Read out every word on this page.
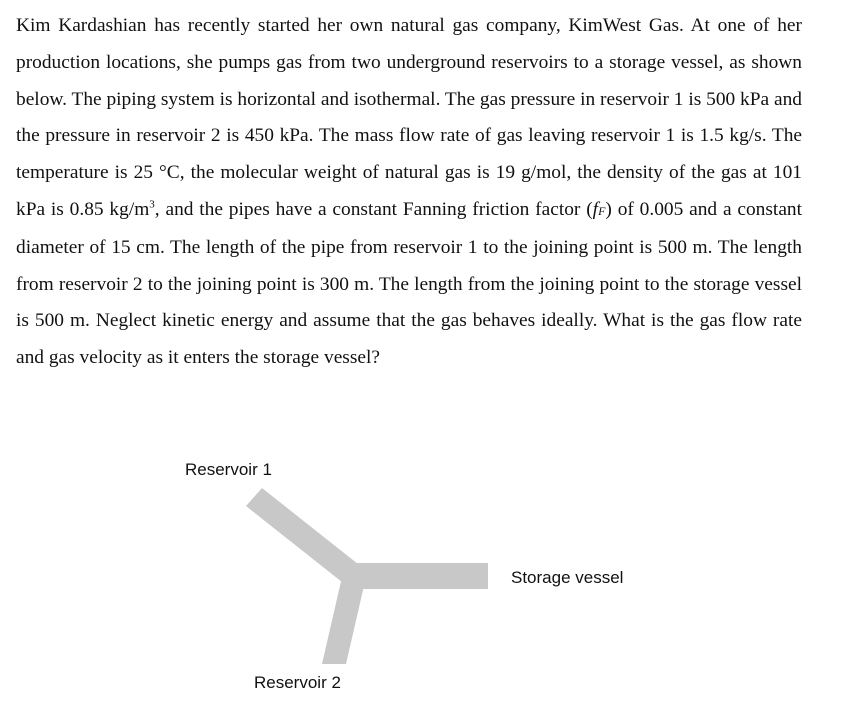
Kim Kardashian has recently started her own natural gas company, KimWest Gas. At one of her production locations, she pumps gas from two underground reservoirs to a storage vessel, as shown below. The piping system is horizontal and isothermal. The gas pressure in reservoir 1 is 500 kPa and the pressure in reservoir 2 is 450 kPa. The mass flow rate of gas leaving reservoir 1 is 1.5 kg/s. The temperature is 25 °C, the molecular weight of natural gas is 19 g/mol, the density of the gas at 101 kPa is 0.85 $kg/m^3$, and the pipes have a constant Fanning friction factor (fF) of 0.005 and a constant diameter of 15 cm. The length of the pipe from reservoir 1 to the joining point is 500 m. The length from reservoir 2 to the joining point is 300 m. The length from the joining point to the storage vessel is 500 m. Neglect kinetic energy and assume that the gas behaves ideally. What is the gas flow rate and gas velocity as it enters the storage vessel?

Reservoir 1
Storage vessel
Reservoir 2
